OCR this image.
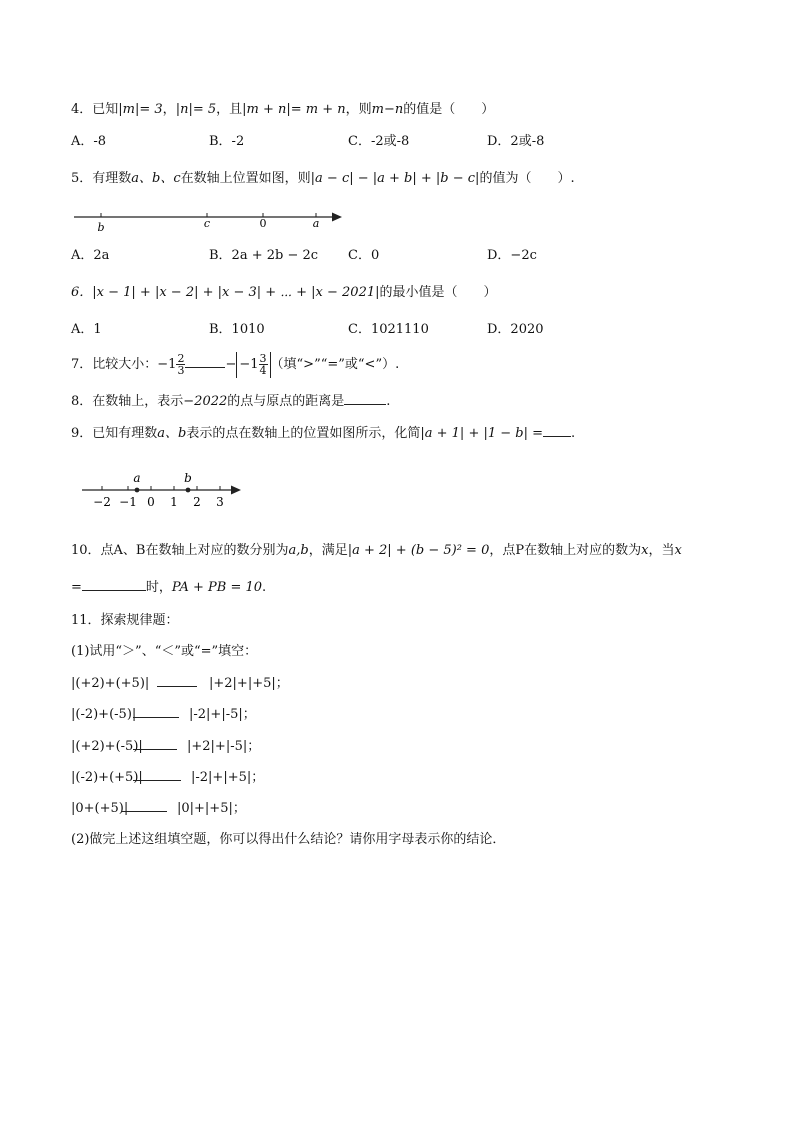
4．已知|m|= 3，|n|= 5，且|m + n|= m + n，则m−n的值是（　　）
A．-8	B．-2	C．-2或-8	D．2或-8
5．有理数a、b、c在数轴上位置如图，则|a − c| − |a + b| + |b − c|的值为（　　）.
b	c	0	a
A．2a	B．2a + 2b − 2c C．0	D．−2c
6．|x − 1| + |x − 2| + |x − 3| + ⋯ + |x − 2021|的最小值是（　　）
A．1	B．1010	C．1021110	D．2020
7．比较大小：$-1 \frac{2}{3}$	− $-1 \frac{3}{4}$ （填“>”“=”或“<”）.
8．在数轴上，表示−2022的点与原点的距离是	.
9．已知有理数a、b表示的点在数轴上的位置如图所示，化简|a + 1| + |1 − b| = .
a	b
−2 −1 0 1 2 3
10．点A、B在数轴上对应的数分别为a,b，满足|a + 2| + (b − 5)² = 0，点P在数轴上对应的数为x，当x
=	时，PA + PB = 10.
11．探索规律题：
(1)试用“＞”、“＜”或“=”填空：
|(+2)+(+5)|	|+2|+|+5|；
|(-2)+(-5)|	|-2|+|-5|；
|(+2)+(-5)|	|+2|+|-5|；
|(-2)+(+5)|	|-2|+|+5|；
|0+(+5)|	|0|+|+5|；
(2)做完上述这组填空题，你可以得出什么结论？请你用字母表示你的结论．
